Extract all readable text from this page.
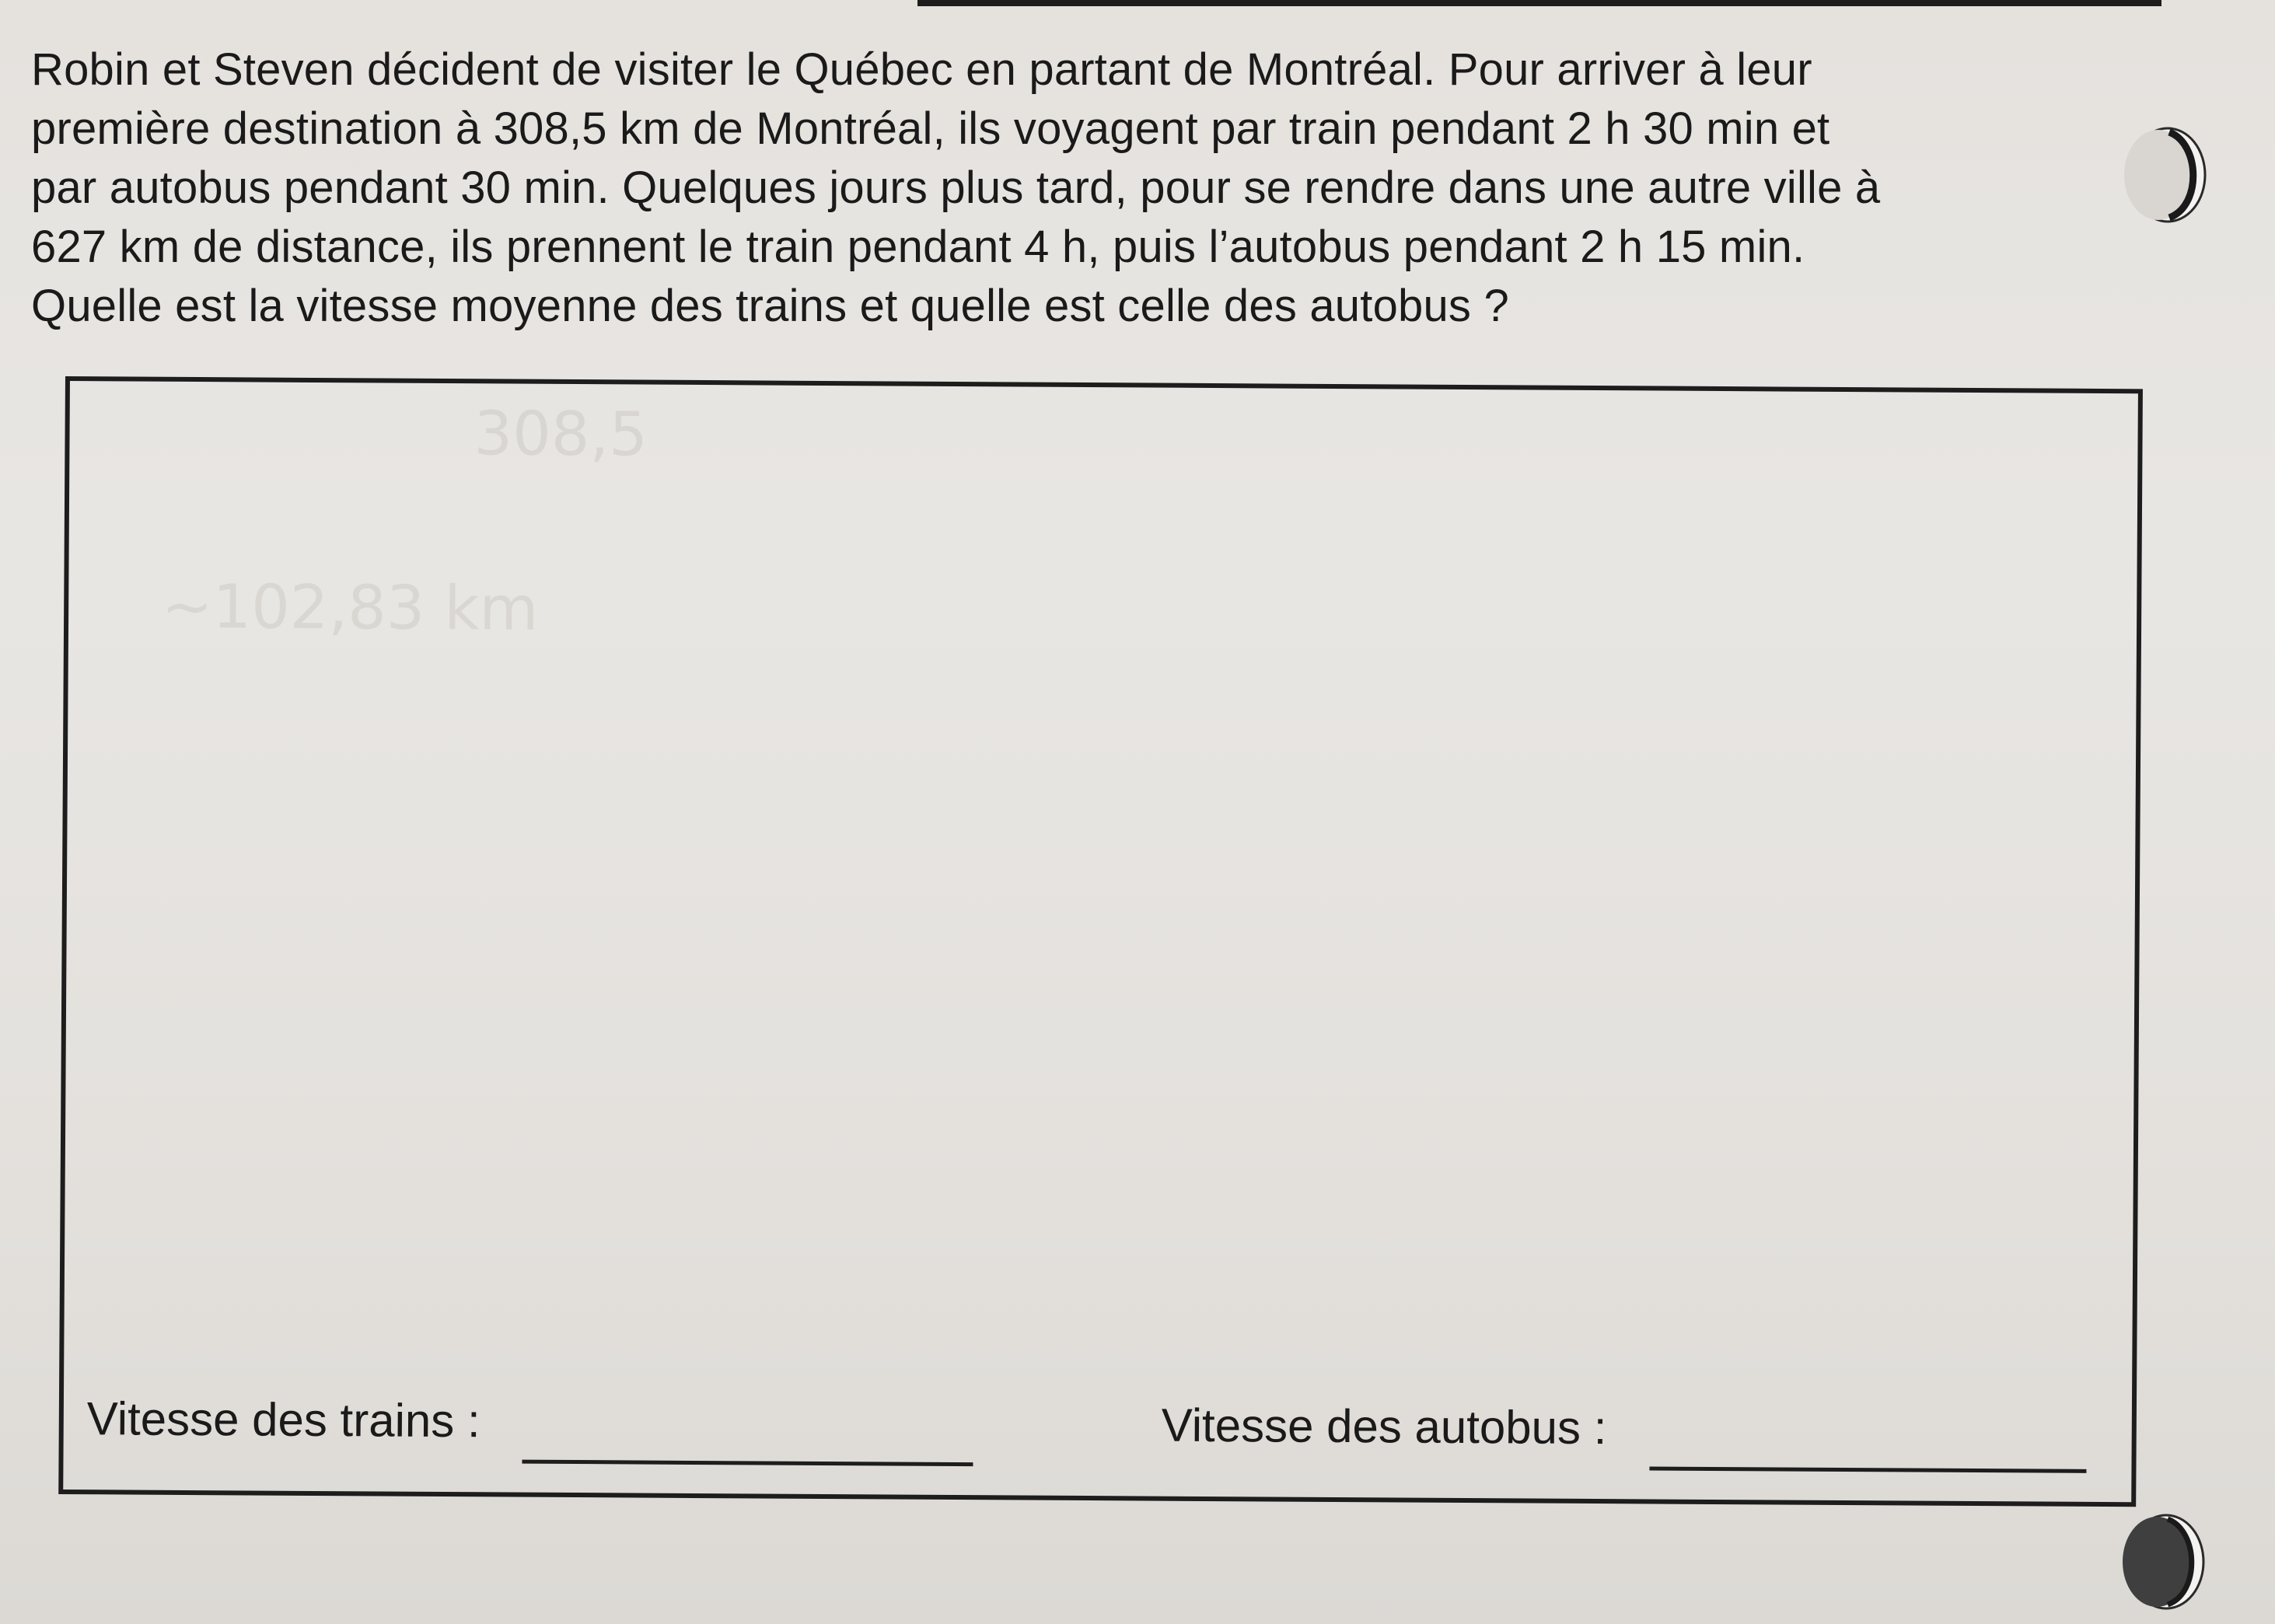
Robin et Steven décident de visiter le Québec en partant de Montréal. Pour arriver à leur
première destination à 308,5 km de Montréal, ils voyagent par train pendant 2 h 30 min et
par autobus pendant 30 min. Quelques jours plus tard, pour se rendre dans une autre ville à
627 km de distance, ils prennent le train pendant 4 h, puis l’autobus pendant 2 h 15 min.
Quelle est la vitesse moyenne des trains et quelle est celle des autobus ?

308,5
~102,83 km
Vitesse des trains :	Vitesse des autobus :
